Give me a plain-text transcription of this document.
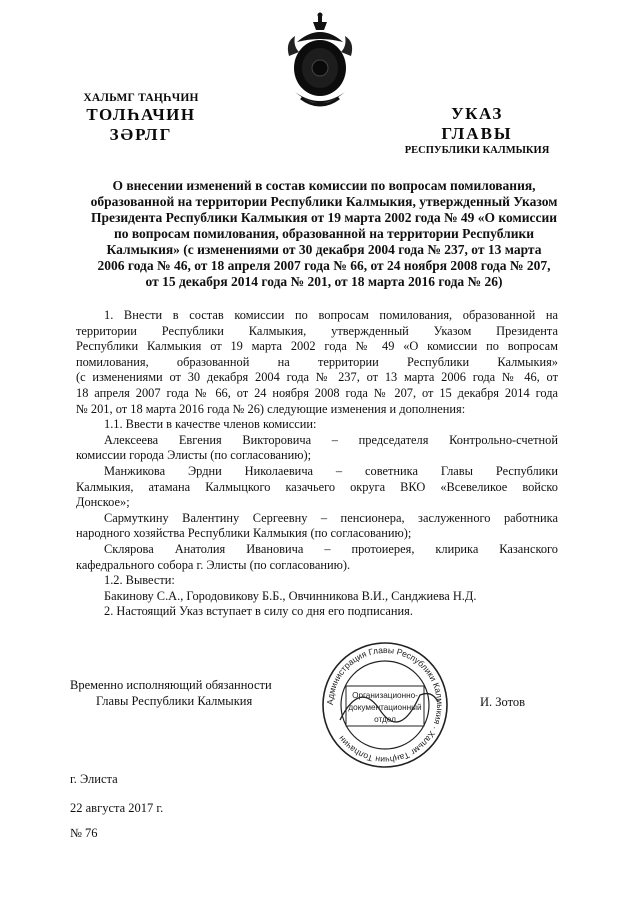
ХАЛЬМГ ТАҢҺЧИН
ТОЛҺАЧИН
ЗӘРЛГ
УКАЗ
ГЛАВЫ
РЕСПУБЛИКИ КАЛМЫКИЯ
О внесении изменений в состав комиссии по вопросам помилования,
образованной на территории Республики Калмыкия, утвержденный Указом
Президента Республики Калмыкия от 19 марта 2002 года № 49 «О комиссии
по вопросам помилования, образованной на территории Республики
Калмыкия» (с изменениями от 30 декабря 2004 года № 237, от 13 марта
2006 года № 46, от 18 апреля 2007 года № 66, от 24 ноября 2008 года № 207,
от 15 декабря 2014 года № 201, от 18 марта 2016 года № 26)
1. Внести в состав комиссии по вопросам помилования, образованной на
территории Республики Калмыкия, утвержденный Указом Президента
Республики Калмыкия от 19 марта 2002 года № 49 «О комиссии по вопросам
помилования, образованной на территории Республики Калмыкия»
(с изменениями от 30 декабря 2004 года № 237, от 13 марта 2006 года № 46, от
18 апреля 2007 года № 66, от 24 ноября 2008 года № 207, от 15 декабря 2014 года
№ 201, от 18 марта 2016 года № 26) следующие изменения и дополнения:
1.1. Ввести в качестве членов комиссии:
Алексеева Евгения Викторовича – председателя Контрольно-счетной
комиссии города Элисты (по согласованию);
Манжикова Эрдни Николаевича – советника Главы Республики
Калмыкия, атамана Калмыцкого казачьего округа ВКО «Всевеликое войско
Донское»;
Сармуткину Валентину Сергеевну – пенсионера, заслуженного работника
народного хозяйства Республики Калмыкия (по согласованию);
Склярова Анатолия Ивановича – протоиерея, клирика Казанского
кафедрального собора г. Элисты (по согласованию).
1.2. Вывести:
Бакинову С.А., Городовикову Б.Б., Овчинникова В.И., Санджиева Н.Д.
2. Настоящий Указ вступает в силу со дня его подписания.
Временно исполняющий обязанности
Главы Республики Калмыкия	Администрация Главы Республики Калмыкия · Хальмг Таңһчин Толһачин
Организационно-
документационный
отдел
И. Зотов
г. Элиста
22 августа 2017 г.
№ 76
